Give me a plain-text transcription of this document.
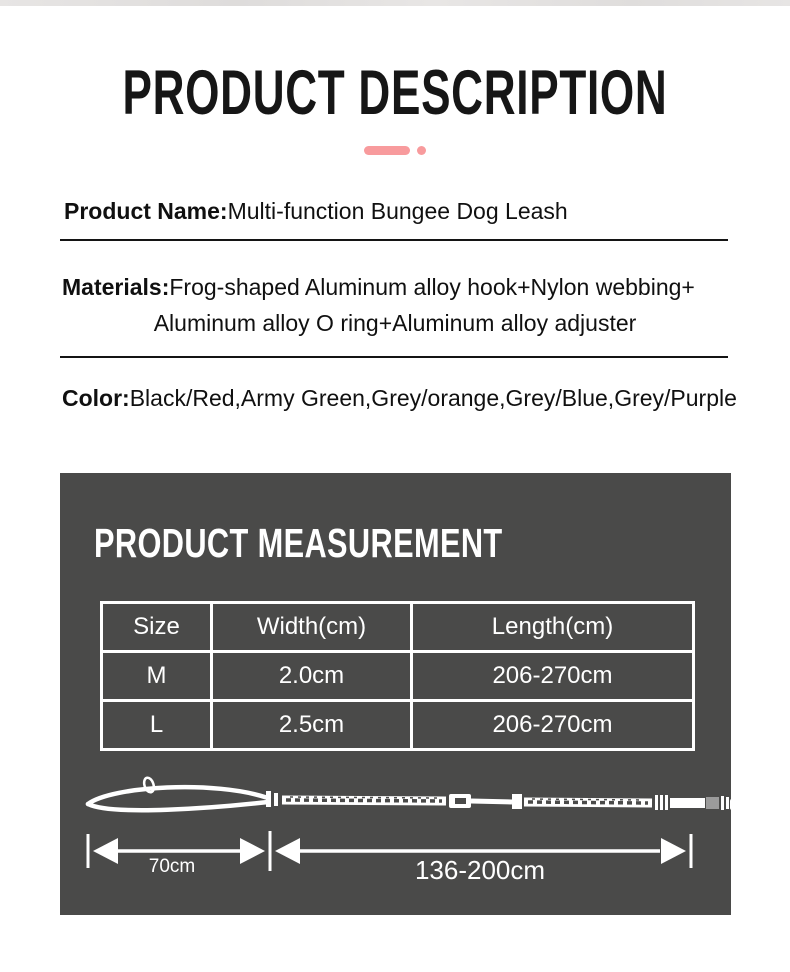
PRODUCT DESCRIPTION
Product Name:Multi-function Bungee Dog Leash
Materials:Frog-shaped Aluminum alloy hook+Nylon webbing+
Aluminum alloy O ring+Aluminum alloy adjuster
Color:Black/Red,Army Green,Grey/orange,Grey/Blue,Grey/Purple
PRODUCT MEASUREMENT
Size	Width(cm)	Length(cm)
M	2.0cm	206-270cm
L	2.5cm	206-270cm
70cm	136-200cm
